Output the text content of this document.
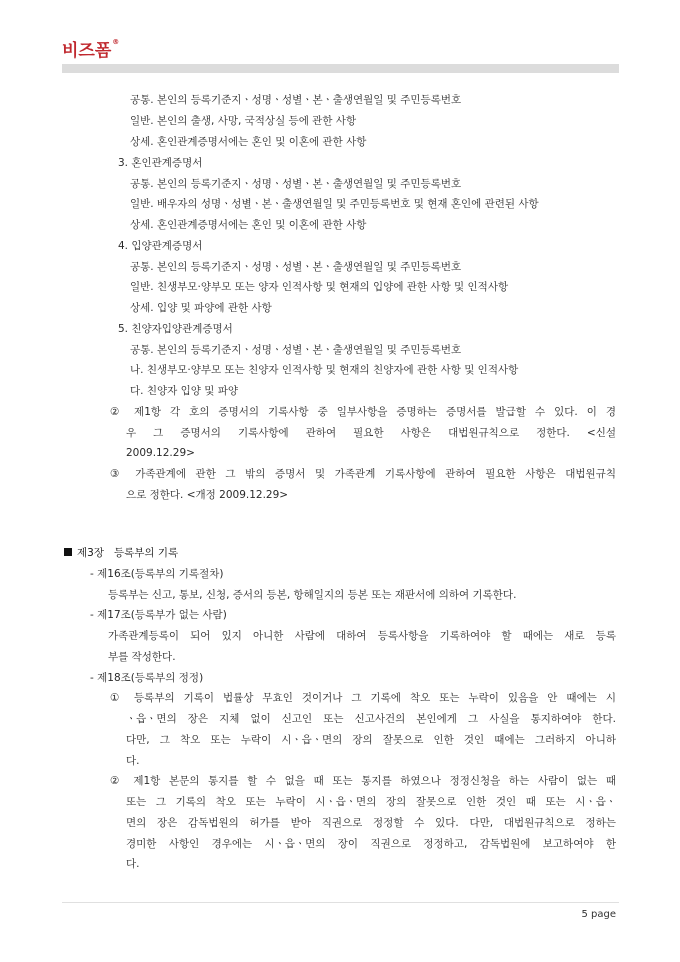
비즈폼®
공통. 본인의 등록기준지ㆍ성명ㆍ성별ㆍ본ㆍ출생연월일 및 주민등록번호
일반. 본인의 출생, 사망, 국적상실 등에 관한 사항
상세. 혼인관계증명서에는 혼인 및 이혼에 관한 사항
3. 혼인관계증명서
공통. 본인의 등록기준지ㆍ성명ㆍ성별ㆍ본ㆍ출생연월일 및 주민등록번호
일반. 배우자의 성명ㆍ성별ㆍ본ㆍ출생연월일 및 주민등록번호 및 현재 혼인에 관련된 사항
상세. 혼인관계증명서에는 혼인 및 이혼에 관한 사항
4. 입양관계증명서
공통. 본인의 등록기준지ㆍ성명ㆍ성별ㆍ본ㆍ출생연월일 및 주민등록번호
일반. 친생부모·양부모 또는 양자 인적사항 및 현재의 입양에 관한 사항 및 인적사항
상세. 입양 및 파양에 관한 사항
5. 친양자입양관계증명서
공통. 본인의 등록기준지ㆍ성명ㆍ성별ㆍ본ㆍ출생연월일 및 주민등록번호
나. 친생부모·양부모 또는 친양자 인적사항 및 현재의 친양자에 관한 사항 및 인적사항
다. 친양자 입양 및 파양
② 제1항 각 호의 증명서의 기록사항 중 일부사항을 증명하는 증명서를 발급할 수 있다. 이 경
우 그 증명서의 기록사항에 관하여 필요한 사항은 대법원규칙으로 정한다. <신설
2009.12.29>
③ 가족관계에 관한 그 밖의 증명서 및 가족관계 기록사항에 관하여 필요한 사항은 대법원규칙
으로 정한다. <개정 2009.12.29>
제3장   등록부의 기록
- 제16조(등록부의 기록절차)
등록부는 신고, 통보, 신청, 증서의 등본, 항해일지의 등본 또는 재판서에 의하여 기록한다.
- 제17조(등록부가 없는 사람)
가족관계등록이 되어 있지 아니한 사람에 대하여 등록사항을 기록하여야 할 때에는 새로 등록
부를 작성한다.
- 제18조(등록부의 정정)
① 등록부의 기록이 법률상 무효인 것이거나 그 기록에 착오 또는 누락이 있음을 안 때에는 시
ㆍ읍ㆍ면의 장은 지체 없이 신고인 또는 신고사건의 본인에게 그 사실을 통지하여야 한다.
다만, 그 착오 또는 누락이 시ㆍ읍ㆍ면의 장의 잘못으로 인한 것인 때에는 그러하지 아니하
다.
② 제1항 본문의 통지를 할 수 없을 때 또는 통지를 하였으나 정정신청을 하는 사람이 없는 때
또는 그 기록의 착오 또는 누락이 시ㆍ읍ㆍ면의 장의 잘못으로 인한 것인 때 또는 시ㆍ읍ㆍ
면의 장은 감독법원의 허가를 받아 직권으로 정정할 수 있다. 다만, 대법원규칙으로 정하는
경미한 사항인 경우에는 시ㆍ읍ㆍ면의 장이 직권으로 정정하고, 감독법원에 보고하여야 한
다.
5 page
